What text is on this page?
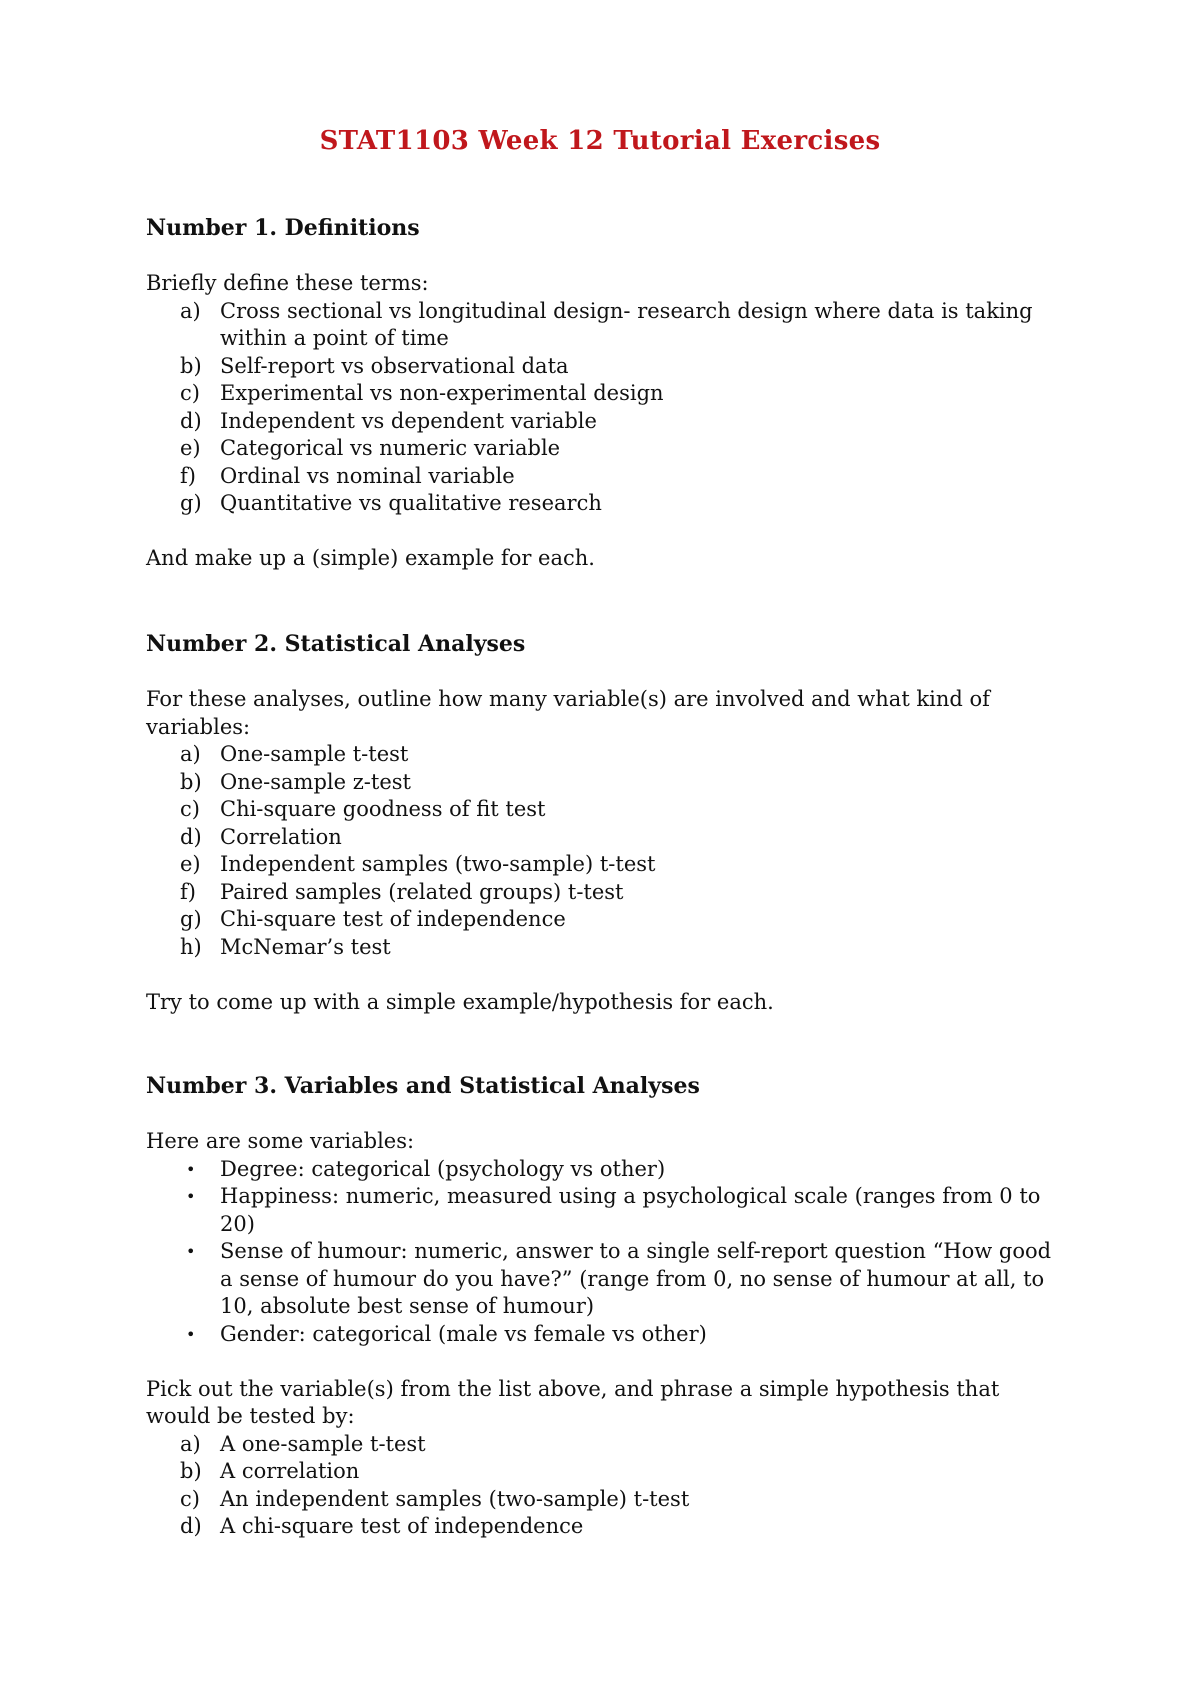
STAT1103 Week 12 Tutorial Exercises
Number 1. Definitions

Briefly define these terms:

a) Cross sectional vs longitudinal design- research design where data is taking within a point of time
b) Self-report vs observational data
c) Experimental vs non-experimental design
d) Independent vs dependent variable
e) Categorical vs numeric variable
f)	Ordinal vs nominal variable
g) Quantitative vs qualitative research

And make up a (simple) example for each.

Number 2. Statistical Analyses

For these analyses, outline how many variable(s) are involved and what kind of variables:

a) One-sample t-test
b) One-sample z-test
c) Chi-square goodness of fit test
d) Correlation
e) Independent samples (two-sample) t-test
f)	Paired samples (related groups) t-test
g) Chi-square test of independence
h) McNemar’s test

Try to come up with a simple example/hypothesis for each.

Number 3. Variables and Statistical Analyses

Here are some variables:

•	Degree: categorical (psychology vs other)
•	Happiness: numeric, measured using a psychological scale (ranges from 0 to 20)
•	Sense of humour: numeric, answer to a single self-report question “How good a sense of humour do you have?” (range from 0, no sense of humour at all, to 10, absolute best sense of humour)
•	Gender: categorical (male vs female vs other)

Pick out the variable(s) from the list above, and phrase a simple hypothesis that would be tested by:

a) A one-sample t-test
b) A correlation
c) An independent samples (two-sample) t-test
d) A chi-square test of independence
